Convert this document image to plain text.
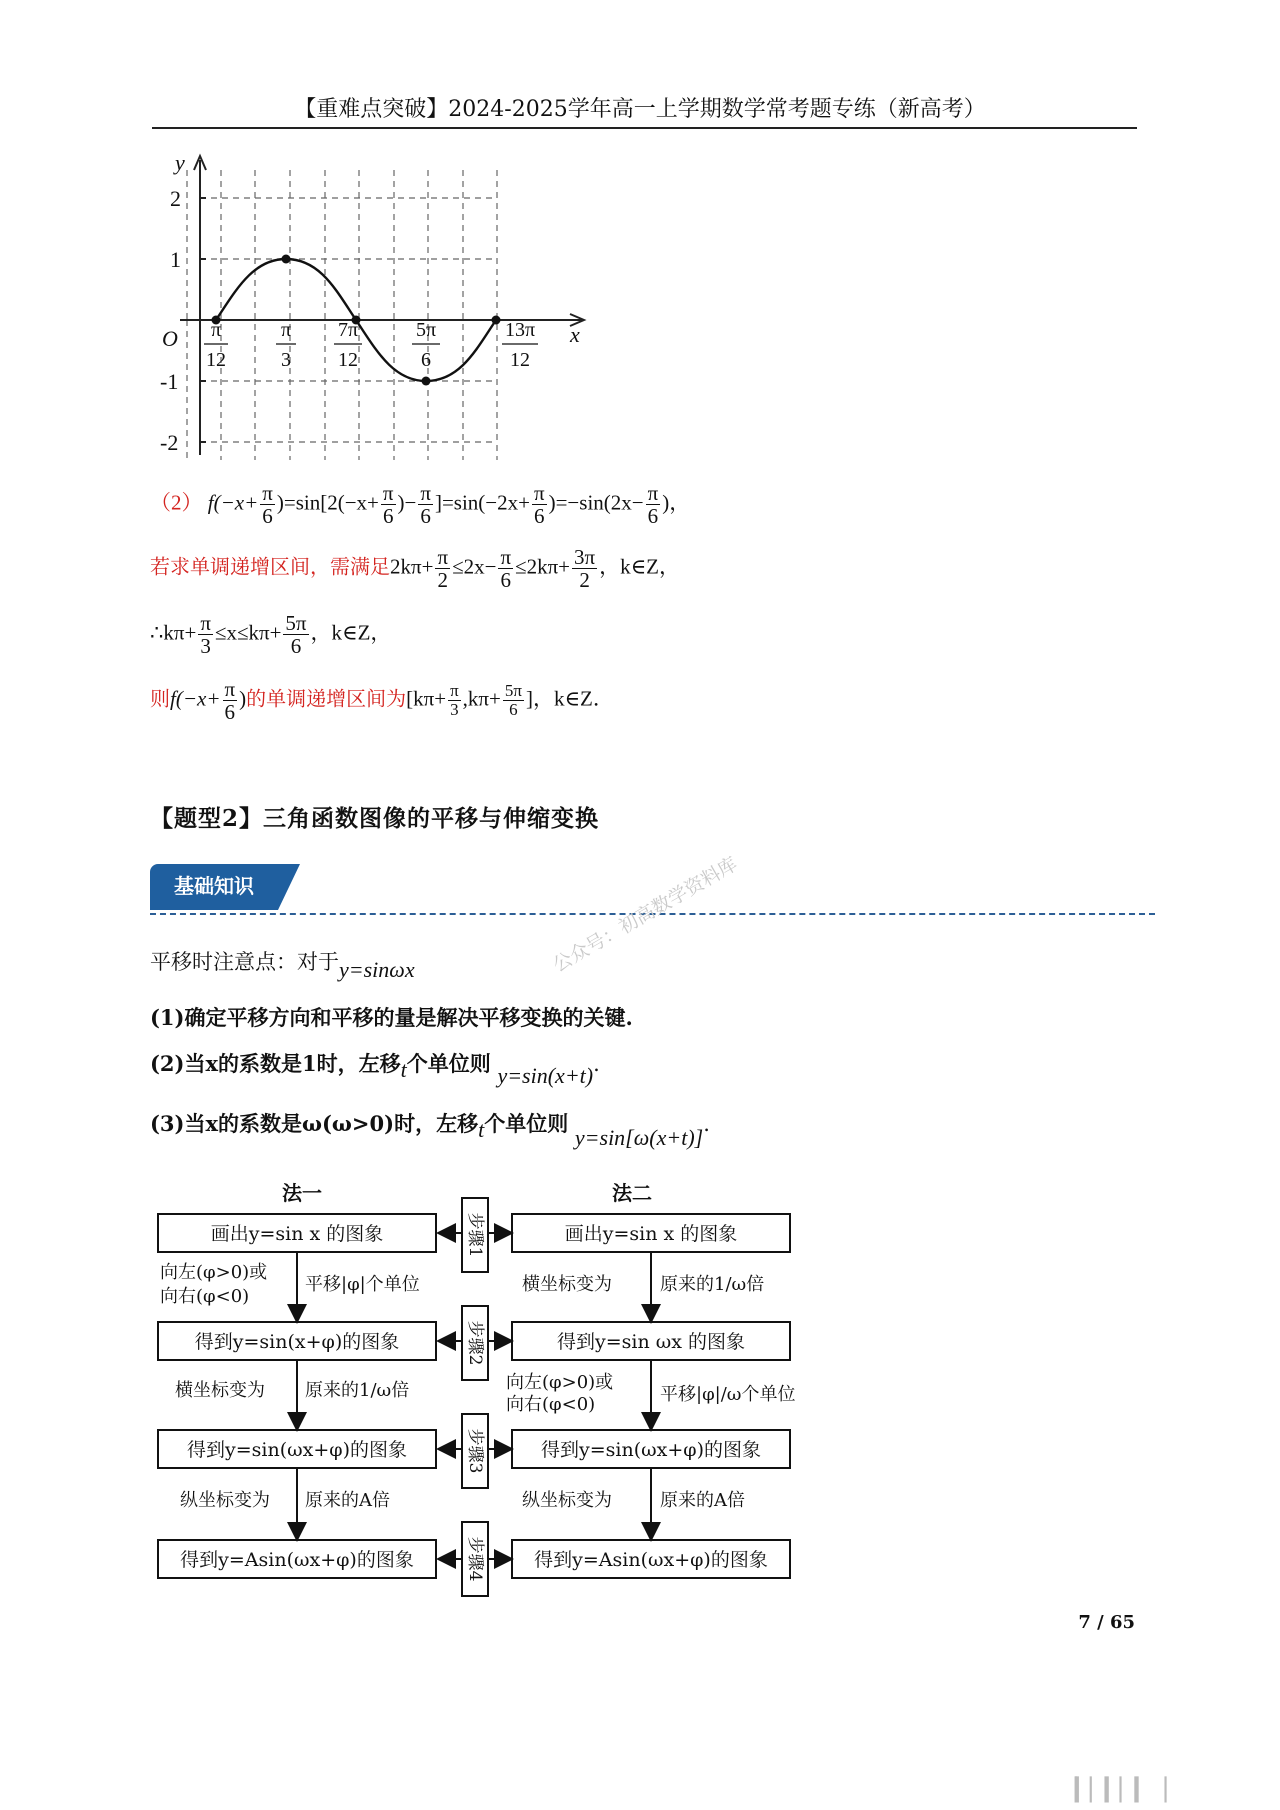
【重难点突破】2024-2025学年高一上学期数学常考题专练（新高考）
y
x
O
2
1
-1
-2
π
12
π
3
7π
12
5π
6
13π
12
（2） $f(-x+ \frac{\pi}{6} )=\sin[2(-x+ \frac{\pi}{6}$ )− $\frac{\pi}{6} ]=\sin(-2x+ \frac{\pi}{6} )=-\sin(2x- \frac{\pi}{6}$ )，
若求单调递增区间，需满足$2k\pi+ \frac{\pi}{2} \le 2x- \frac{\pi}{6} \le 2k\pi+ \frac{3\pi}{2}$ ，k∈Z，
∴kπ+ $\frac{\pi}{3} \le x\le k\pi+ \frac{5\pi}{6}$ ，k∈Z，
则$f(-x+ \frac{\pi}{6}$ )的单调递增区间为[$k\pi+ \frac{\pi}{3} ,k\pi+ \frac{5\pi}{6}$ ]，k∈Z．
【题型2】三角函数图像的平移与伸缩变换
基础知识	公众号：初高数学资料库
平移时注意点：对于y=sinωx
(1)确定平移方向和平移的量是解决平移变换的关键.
(2)当x的系数是1时，左移t个单位则 y=sin(x+t).
(3)当x的系数是ω(ω>0)时，左移t个单位则 y=sin[ω(x+t)].
法一	法二
画出y=sin x 的图象
得到y=sin(x+φ)的图象
得到y=sin(ωx+φ)的图象
得到y=Asin(ωx+φ)的图象
画出y=sin x 的图象
得到y=sin ωx 的图象
得到y=sin(ωx+φ)的图象
得到y=Asin(ωx+φ)的图象
步骤1
步骤2
步骤3
步骤4
向左(φ>0)或
向右(φ<0)
平移|φ|个单位
横坐标变为 原来的1/ω倍
纵坐标变为 原来的A倍
横坐标变为	原来的1/ω倍
向左(φ>0)或
向右(φ<0)	平移|φ|/ω个单位
纵坐标变为	原来的A倍
7 / 65
▕▎▏▎▏▎▕
